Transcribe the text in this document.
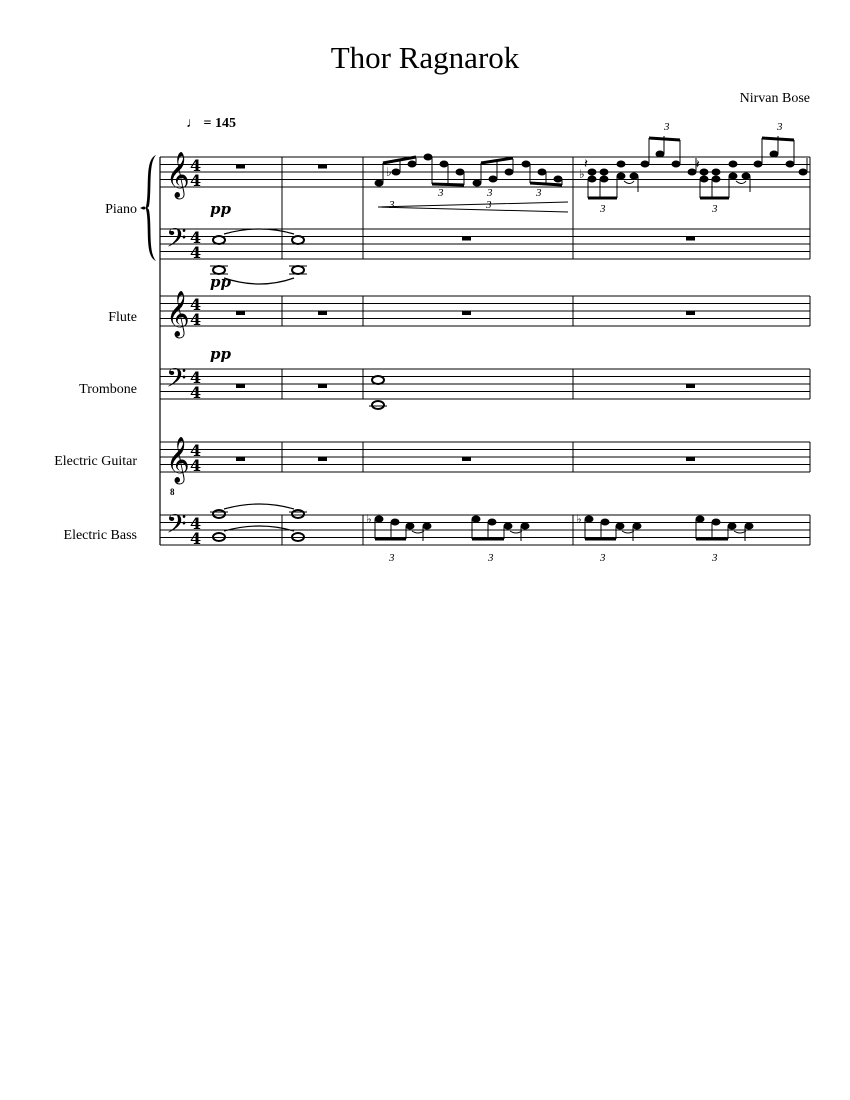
Thor Ragnarok
Nirvan Bose
♩ = 145
Piano
Flute
Trombone
Electric Guitar
Electric Bass
pp
pp
pp
3	3	3
3	3	3	3
3	3
3	3	3	3
𝄞
𝄢
𝄞
𝄢
𝄞
𝄢
8
4
4
4
4
4
4
4
4
4
4
4
4
♭	♭
𝄽	𝄽
♭	♭
